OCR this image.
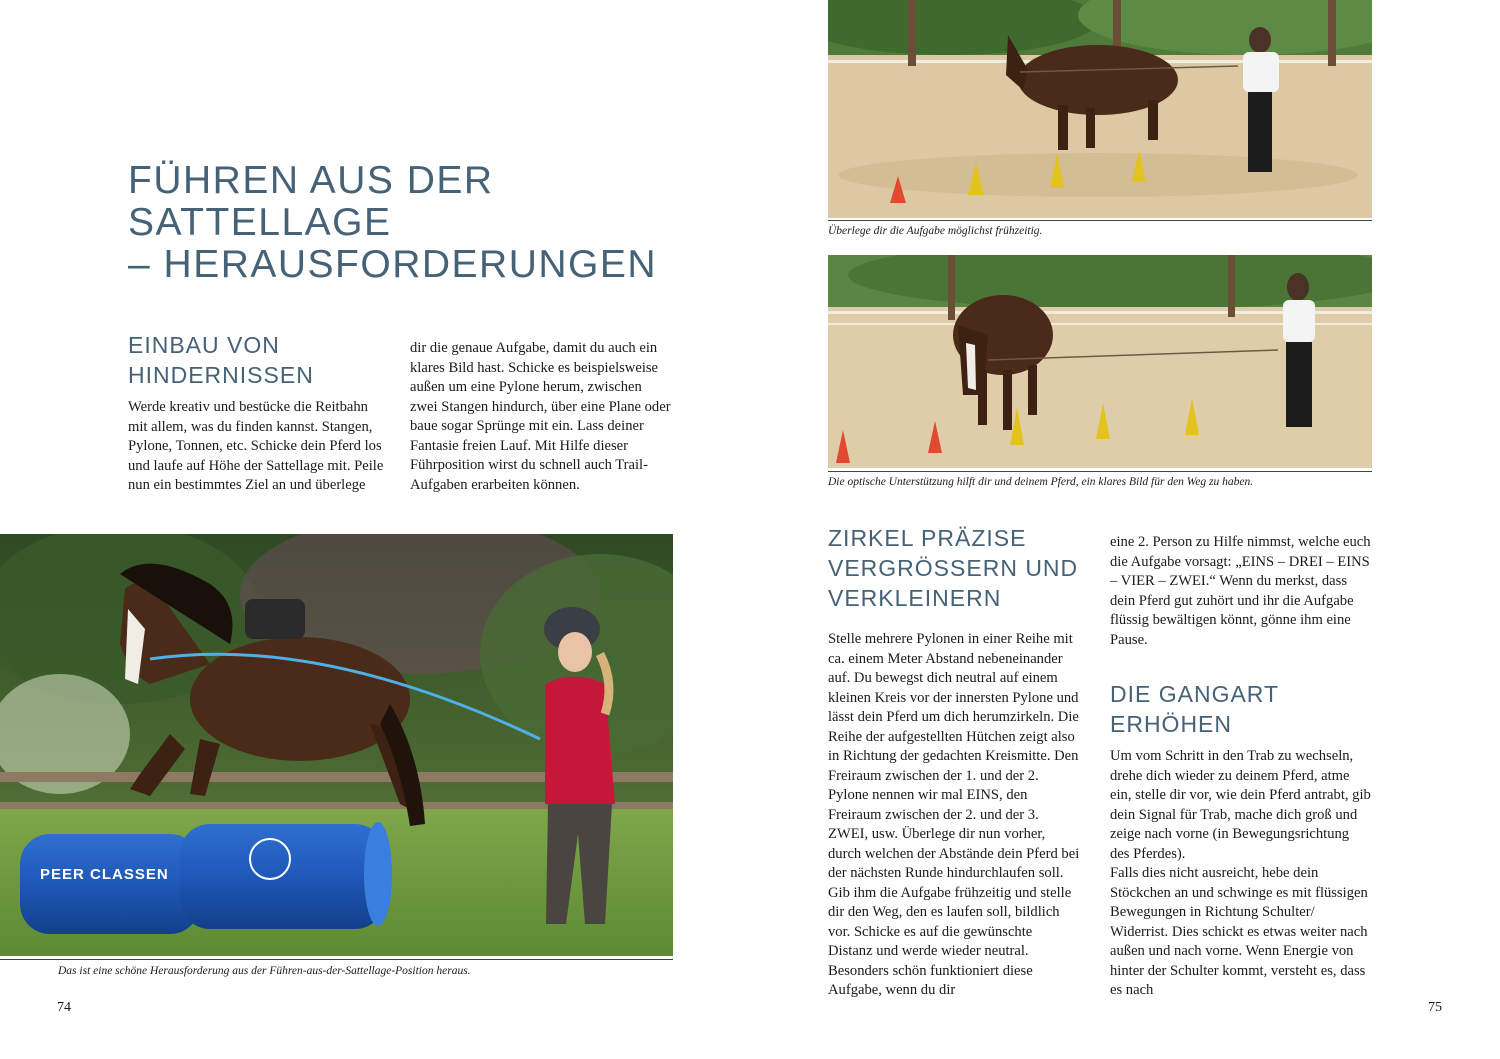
FÜHREN AUS DER SATTELLAGE
– HERAUSFORDERUNGEN
EINBAU VON
HINDERNISSEN

Werde kreativ und bestücke die Reitbahn mit allem, was du finden kannst. Stangen, Pylone, Tonnen, etc. Schicke dein Pferd los und laufe auf Höhe der Sattellage mit. Peile nun ein bestimmtes Ziel an und überlege

dir die genaue Aufgabe, damit du auch ein klares Bild hast. Schicke es beispielsweise außen um eine Pylone herum, zwischen zwei Stangen hindurch, über eine Plane oder baue sogar Sprünge mit ein. Lass deiner Fantasie freien Lauf. Mit Hilfe dieser Führposition wirst du schnell auch Trail-Aufgaben erarbeiten können.

PEER CLASSEN

Das ist eine schöne Herausforderung aus der Führen-aus-der-Sattellage-Position heraus.

74

Überlege dir die Aufgabe möglichst frühzeitig.

Die optische Unterstützung hilft dir und deinem Pferd, ein klares Bild für den Weg zu haben.

ZIRKEL PRÄZISE
VERGRÖSSERN UND
VERKLEINERN

Stelle mehrere Pylonen in einer Reihe mit ca. einem Meter Abstand nebeneinander auf. Du bewegst dich neutral auf einem kleinen Kreis vor der innersten Pylone und lässt dein Pferd um dich herumzirkeln. Die Reihe der aufgestellten Hütchen zeigt also in Richtung der gedachten Kreismitte. Den Freiraum zwischen der 1. und der 2. Pylone nennen wir mal EINS, den Freiraum zwischen der 2. und der 3. ZWEI, usw. Überlege dir nun vorher, durch welchen der Abstände dein Pferd bei der nächsten Runde hindurchlaufen soll. Gib ihm die Aufgabe frühzeitig und stelle dir den Weg, den es laufen soll, bildlich vor. Schicke es auf die gewünschte Distanz und werde wieder neutral. Besonders schön funktioniert diese Aufgabe, wenn du dir

eine 2. Person zu Hilfe nimmst, welche euch die Aufgabe vorsagt: „EINS – DREI – EINS – VIER – ZWEI.“ Wenn du merkst, dass dein Pferd gut zuhört und ihr die Aufgabe flüssig bewältigen könnt, gönne ihm eine Pause.

DIE GANGART
ERHÖHEN

Um vom Schritt in den Trab zu wechseln, drehe dich wieder zu deinem Pferd, atme ein, stelle dir vor, wie dein Pferd antrabt, gib dein Signal für Trab, mache dich groß und zeige nach vorne (in Bewegungsrichtung des Pferdes).

Falls dies nicht ausreicht, hebe dein Stöckchen an und schwinge es mit flüssigen Bewegungen in Richtung Schulter/ Widerrist. Dies schickt es etwas weiter nach außen und nach vorne. Wenn Energie von hinter der Schulter kommt, versteht es, dass es nach

75
